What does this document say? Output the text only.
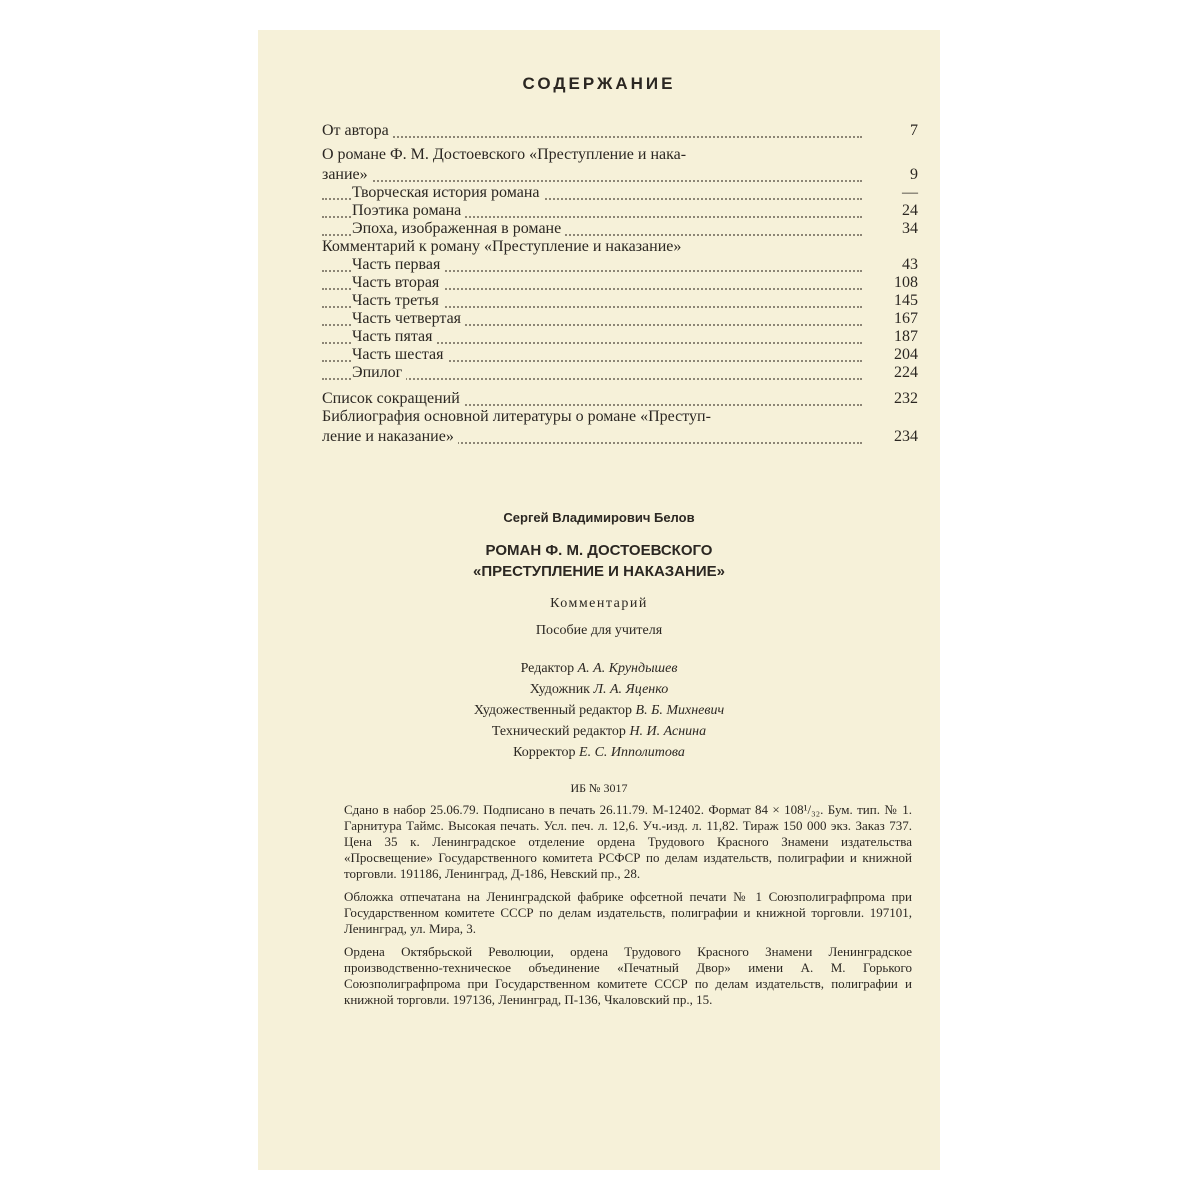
СОДЕРЖАНИЕ
От автора	7
О романе Ф. М. Достоевского «Преступление и нака-
зание»	9
Творческая история романа	—
Поэтика романа	24
Эпоха, изображенная в романе	34
Комментарий к роману «Преступление и наказание»
Часть первая	43
Часть вторая	108
Часть третья	145
Часть четвертая	167
Часть пятая	187
Часть шестая	204
Эпилог	224
Список сокращений	232
Библиография основной литературы о романе «Преступ-
ление и наказание»	234
Сергей Владимирович Белов
РОМАН Ф. М. ДОСТОЕВСКОГО
«ПРЕСТУПЛЕНИЕ И НАКАЗАНИЕ»
Комментарий
Пособие для учителя
Редактор А. А. Крундышев
Художник Л. А. Яценко
Художественный редактор В. Б. Михневич
Технический редактор Н. И. Аснина
Корректор Е. С. Ипполитова
ИБ № 3017

Сдано в набор 25.06.79. Подписано в печать 26.11.79. М-12402. Формат 84 × 108¹/₃₂. Бум. тип. № 1. Гарнитура Таймс. Высокая печать. Усл. печ. л. 12,6. Уч.-изд. л. 11,82. Тираж 150 000 экз. Заказ 737. Цена 35 к. Ленинградское отделение ордена Трудового Красного Знамени издательства «Просвещение» Государственного комитета РСФСР по делам издательств, полиграфии и книжной торговли. 191186, Ленинград, Д-186, Невский пр., 28.

Обложка отпечатана на Ленинградской фабрике офсетной печати № 1 Союзполиграфпрома при Государственном комитете СССР по делам издательств, полиграфии и книжной торговли. 197101, Ленинград, ул. Мира, 3.

Ордена Октябрьской Революции, ордена Трудового Красного Знамени Ленинградское производственно-техническое объединение «Печатный Двор» имени А. М. Горького Союзполиграфпрома при Государственном комитете СССР по делам издательств, полиграфии и книжной торговли. 197136, Ленинград, П-136, Чкаловский пр., 15.
